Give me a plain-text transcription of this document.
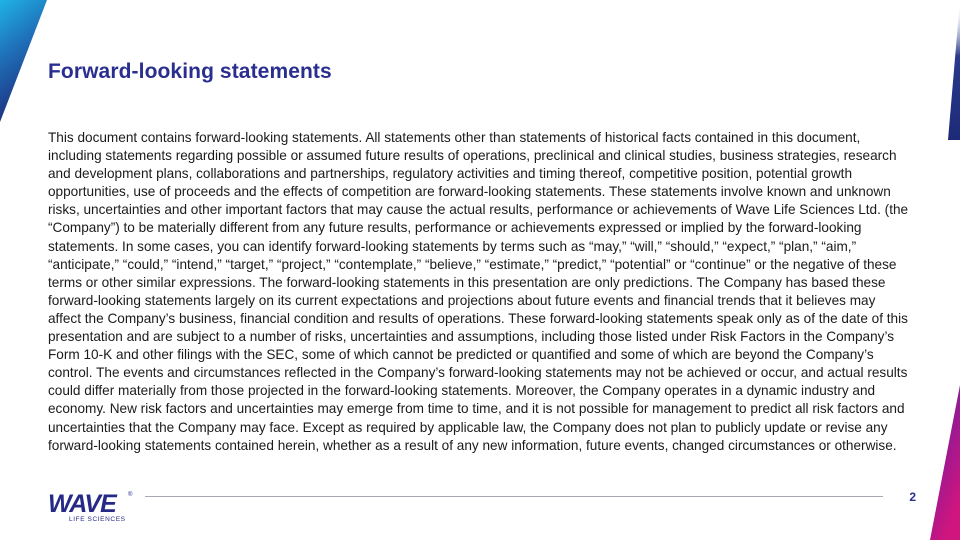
Forward-looking statements

This document contains forward-looking statements. All statements other than statements of historical facts contained in this document, including statements regarding possible or assumed future results of operations, preclinical and clinical studies, business strategies, research and development plans, collaborations and partnerships, regulatory activities and timing thereof, competitive position, potential growth opportunities, use of proceeds and the effects of competition are forward-looking statements. These statements involve known and unknown risks, uncertainties and other important factors that may cause the actual results, performance or achievements of Wave Life Sciences Ltd. (the “Company”) to be materially different from any future results, performance or achievements expressed or implied by the forward-looking statements. In some cases, you can identify forward-looking statements by terms such as “may,” “will,” “should,” “expect,” “plan,” “aim,” “anticipate,” “could,” “intend,” “target,” “project,” “contemplate,” “believe,” “estimate,” “predict,” “potential” or “continue” or the negative of these terms or other similar expressions. The forward-looking statements in this presentation are only predictions. The Company has based these forward-looking statements largely on its current expectations and projections about future events and financial trends that it believes may affect the Company’s business, financial condition and results of operations. These forward-looking statements speak only as of the date of this presentation and are subject to a number of risks, uncertainties and assumptions, including those listed under Risk Factors in the Company’s Form 10-K and other filings with the SEC, some of which cannot be predicted or quantified and some of which are beyond the Company’s control. The events and circumstances reflected in the Company’s forward-looking statements may not be achieved or occur, and actual results could differ materially from those projected in the forward-looking statements. Moreover, the Company operates in a dynamic industry and economy. New risk factors and uncertainties may emerge from time to time, and it is not possible for management to predict all risk factors and uncertainties that the Company may face. Except as required by applicable law, the Company does not plan to publicly update or revise any forward-looking statements contained herein, whether as a result of any new information, future events, changed circumstances or otherwise.

2
WAVE ®
LIFE SCIENCES
